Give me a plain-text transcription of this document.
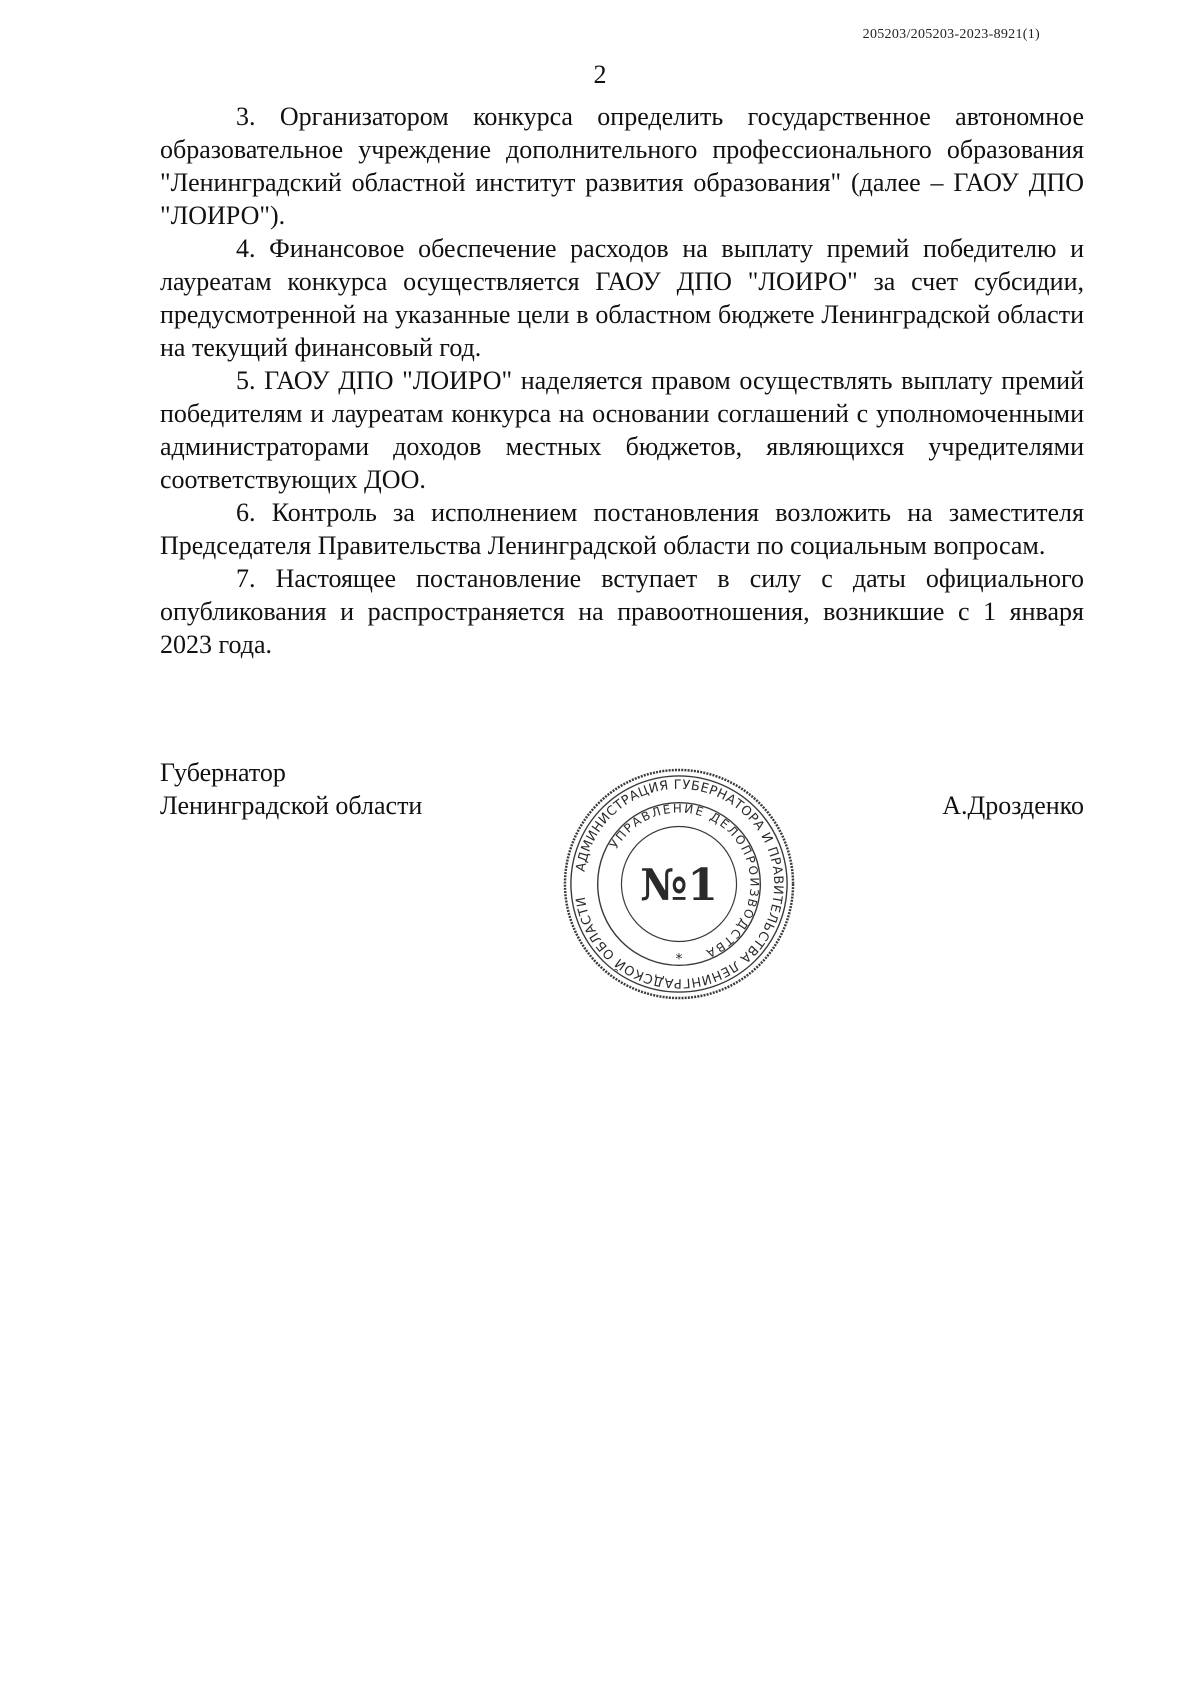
205203/205203-2023-8921(1)
2

3. Организатором конкурса определить государственное автономное образовательное учреждение дополнительного профессионального образования "Ленинградский областной институт развития образования" (далее – ГАОУ ДПО "ЛОИРО").

4. Финансовое обеспечение расходов на выплату премий победителю и лауреатам конкурса осуществляется ГАОУ ДПО "ЛОИРО" за счет субсидии, предусмотренной на указанные цели в областном бюджете Ленинградской области на текущий финансовый год.

5. ГАОУ ДПО "ЛОИРО" наделяется правом осуществлять выплату премий победителям и лауреатам конкурса на основании соглашений с уполномоченными администраторами доходов местных бюджетов, являющихся учредителями соответствующих ДОО.

6. Контроль за исполнением постановления возложить на заместителя Председателя Правительства Ленинградской области по социальным вопросам.

7. Настоящее постановление вступает в силу с даты официального опубликования и распространяется на правоотношения, возникшие с 1 января 2023 года.

Губернатор
Ленинградской области	А.Дрозденко
АДМИНИСТРАЦИЯ ГУБЕРНАТОРА И ПРАВИТЕЛЬСТВА ЛЕНИНГРАДСКОЙ ОБЛАСТИ
УПРАВЛЕНИЕ ДЕЛОПРОИЗВОДСТВА
№1
*
